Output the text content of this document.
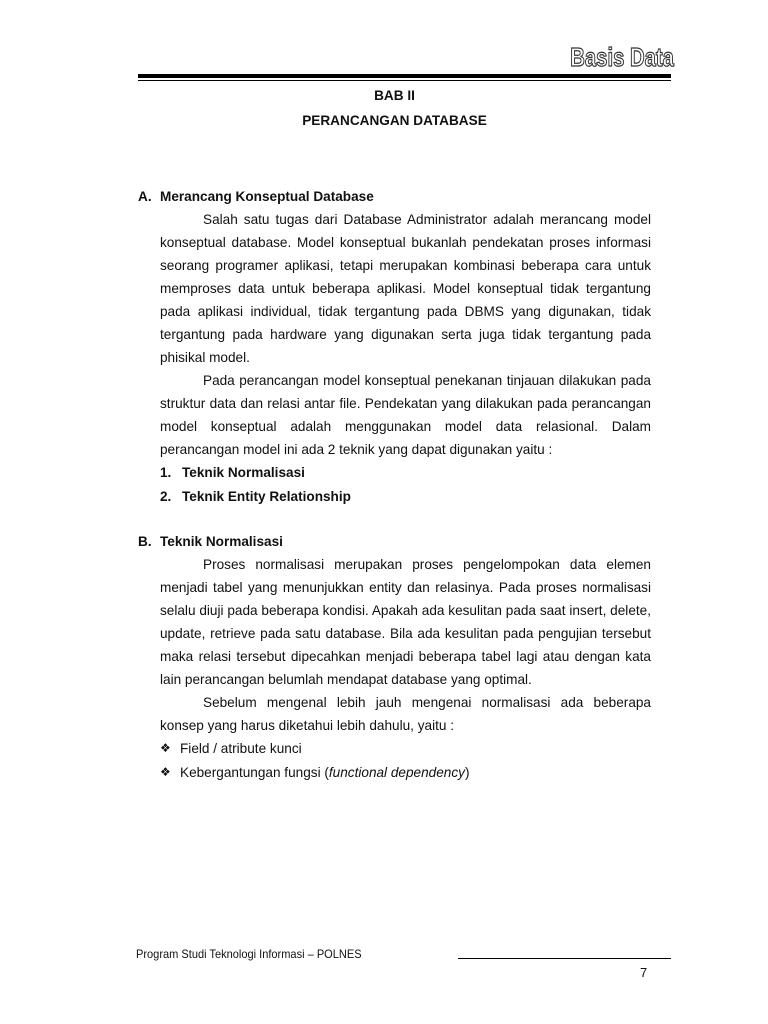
Basis Data

BAB II

PERANCANGAN DATABASE

A. Merancang Konseptual Database

Salah satu tugas dari Database Administrator adalah merancang model konseptual database. Model konseptual bukanlah pendekatan proses informasi seorang programer aplikasi, tetapi merupakan kombinasi beberapa cara untuk memproses data untuk beberapa aplikasi. Model konseptual tidak tergantung pada aplikasi individual, tidak tergantung pada DBMS yang digunakan, tidak tergantung pada hardware yang digunakan serta juga tidak tergantung pada phisikal model.

Pada perancangan model konseptual penekanan tinjauan dilakukan pada struktur data dan relasi antar file. Pendekatan yang dilakukan pada perancangan model konseptual adalah menggunakan model data relasional. Dalam perancangan model ini ada 2 teknik yang dapat digunakan yaitu :

1. Teknik Normalisasi
2. Teknik Entity Relationship

B. Teknik Normalisasi

Proses normalisasi merupakan proses pengelompokan data elemen menjadi tabel yang menunjukkan entity dan relasinya. Pada proses normalisasi selalu diuji pada beberapa kondisi. Apakah ada kesulitan pada saat insert, delete, update, retrieve pada satu database. Bila ada kesulitan pada pengujian tersebut maka relasi tersebut dipecahkan menjadi beberapa tabel lagi atau dengan kata lain perancangan belumlah mendapat database yang optimal.

Sebelum mengenal lebih jauh mengenai normalisasi ada beberapa konsep yang harus diketahui lebih dahulu, yaitu :

❖ Field / atribute kunci
❖ Kebergantungan fungsi (functional dependency)
Program Studi Teknologi Informasi – POLNES
7
